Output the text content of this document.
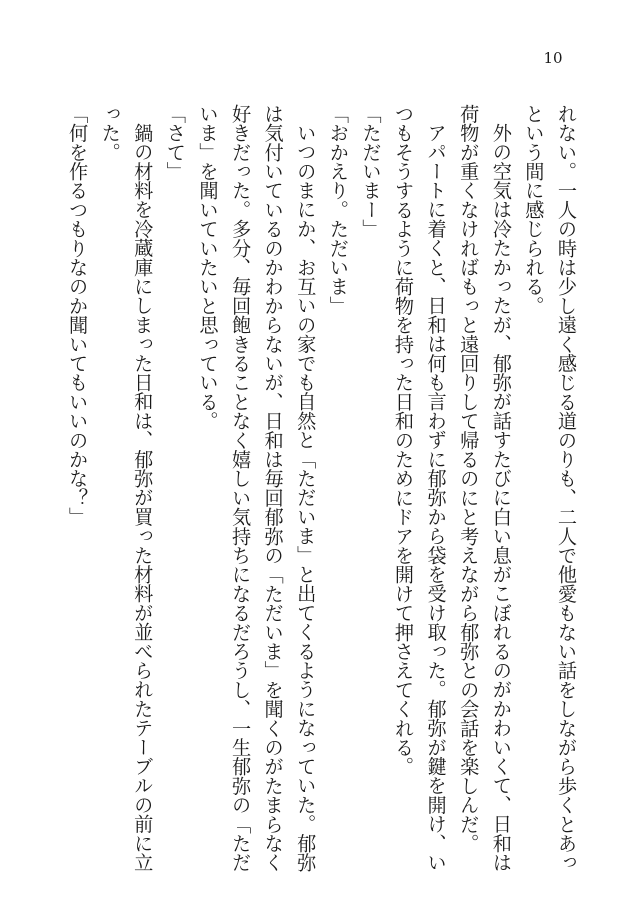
10
れない。一人の時は少し遠く感じる道のりも、二人で他愛もない話をしながら歩くとあっ
という間に感じられる。
外の空気は冷たかったが、郁弥が話すたびに白い息がこぼれるのがかわいくて、日和は
荷物が重くなければもっと遠回りして帰るのにと考えながら郁弥との会話を楽しんだ。
アパートに着くと、日和は何も言わずに郁弥から袋を受け取った。郁弥が鍵を開け、い
つもそうするように荷物を持った日和のためにドアを開けて押さえてくれる。
「ただいまー」
「おかえり。ただいま」
いつのまにか、お互いの家でも自然と「ただいま」と出てくるようになっていた。郁弥
は気付いているのかわからないが、日和は毎回郁弥の「ただいま」を聞くのがたまらなく
好きだった。多分、毎回飽きることなく嬉しい気持ちになるだろうし、一生郁弥の「ただ
いま」を聞いていたいと思っている。
「さて」
鍋の材料を冷蔵庫にしまった日和は、郁弥が買った材料が並べられたテーブルの前に立
った。
「何を作るつもりなのか聞いてもいいのかな？」
